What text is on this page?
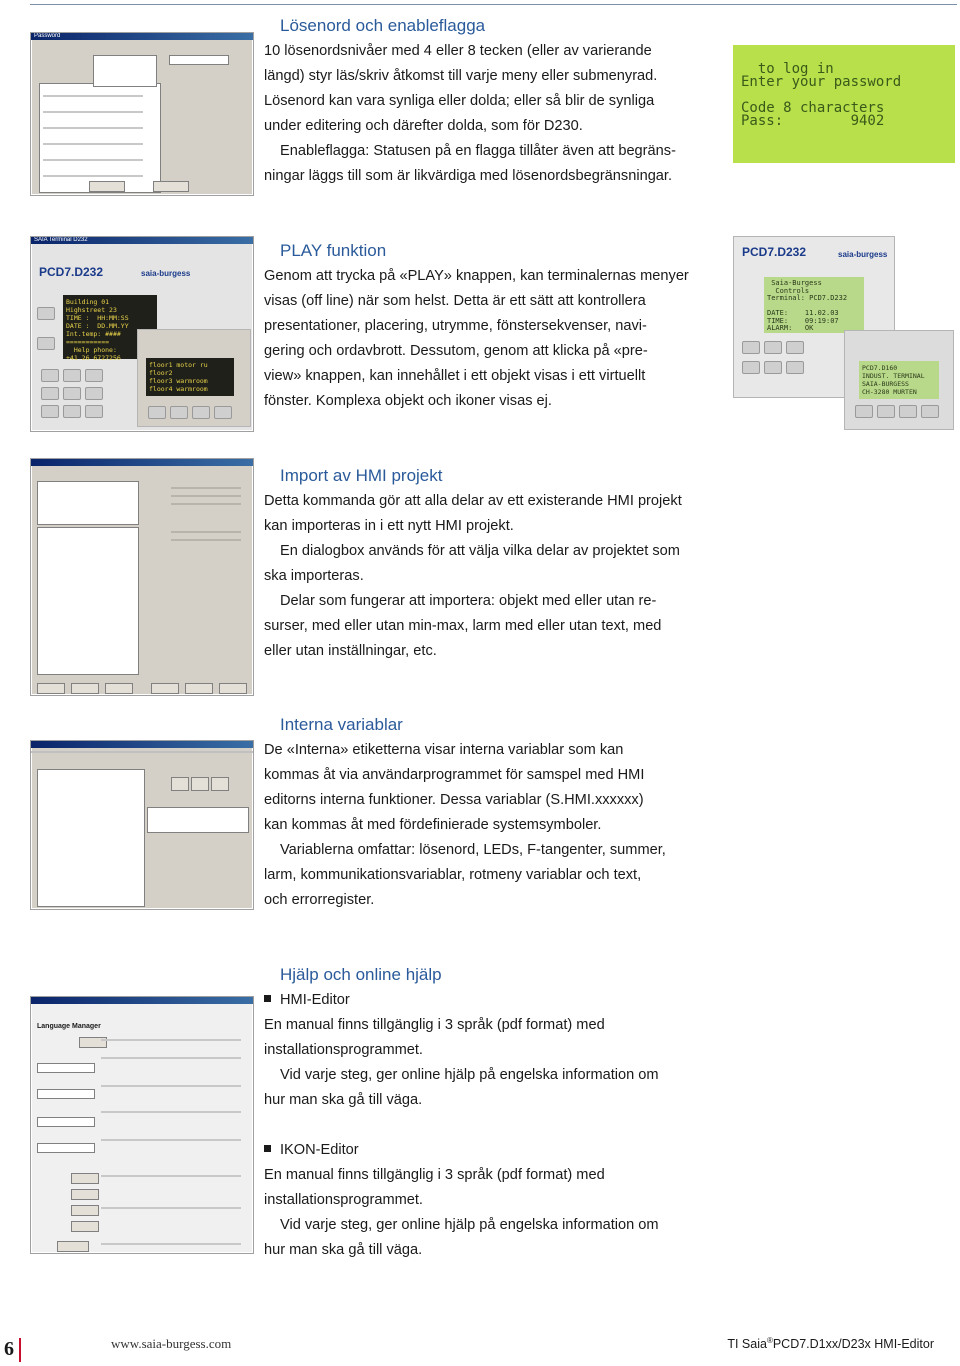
Password
Lösenord och enableflagga

10 lösenordsnivåer med 4 eller 8 tecken (eller av varierande

längd) styr läs/skriv åtkomst till varje meny eller submenyrad.

Lösenord kan vara synliga eller dolda; eller så blir de synliga

under editering och därefter dolda, som för D230.

Enableflagga: Statusen på en flagga tillåter även att begräns-

ningar läggs till som är likvärdiga med lösenordsbegränsningar.

to log in
Enter your password

Code 8 characters
Pass:        9402
SAIA Terminal D232
PCD7.D232	saia-burgess
Building 01
Highstreet 23
TIME :  HH:MM:SS
DATE :  DD.MM.YY
Int.temp: ####
===========
Help phone:
+41 26 6727256
floor1 motor ru
floor2
floor3 warmroom
floor4 warmroom
PLAY funktion

Genom att trycka på «PLAY» knappen, kan terminalernas menyer

visas (off line) när som helst. Detta är ett sätt att kontrollera

presentationer, placering, utrymme, fönstersekvenser, navi-

gering och ordavbrott. Dessutom, genom att klicka på «pre-

view» knappen, kan innehållet i ett objekt visas i ett virtuellt

fönster. Komplexa objekt och ikoner visas ej.

PCD7.D232	saia-burgess
Saia-Burgess
Controls
Terminal: PCD7.D232

DATE:    11.02.03
TIME:    09:19:07
ALARM:   OK
PCD7.D160
INDUST. TERMINAL
SAIA-BURGESS
CH-3280 MURTEN
Import av HMI projekt

Detta kommanda gör att alla delar av ett existerande HMI projekt

kan importeras in i ett nytt HMI projekt.

En dialogbox används för att välja vilka delar av projektet som

ska importeras.

Delar som fungerar att importera: objekt med eller utan re-

surser, med eller utan min-max, larm med eller utan text, med

eller utan inställningar, etc.

Interna variablar

De «Interna» etiketterna visar interna variablar som kan

kommas åt via användarprogrammet för samspel med HMI

editorns interna funktioner. Dessa variablar (S.HMI.xxxxxx)

kan kommas åt med fördefinierade systemsymboler.

Variablerna omfattar: lösenord, LEDs, F-tangenter, summer,

larm, kommunikationsvariablar, rotmeny variablar och text,

och errorregister.

Language Manager
Hjälp och online hjälp

HMI-Editor

En manual finns tillgänglig i 3 språk (pdf format) med

installationsprogrammet.

Vid varje steg, ger online hjälp på engelska information om

hur man ska gå till väga.

IKON-Editor

En manual finns tillgänglig i 3 språk (pdf format) med

installationsprogrammet.

Vid varje steg, ger online hjälp på engelska information om

hur man ska gå till väga.

6	www.saia-burgess.com	TI Saia®PCD7.D1xx/D23x HMI-Editor
